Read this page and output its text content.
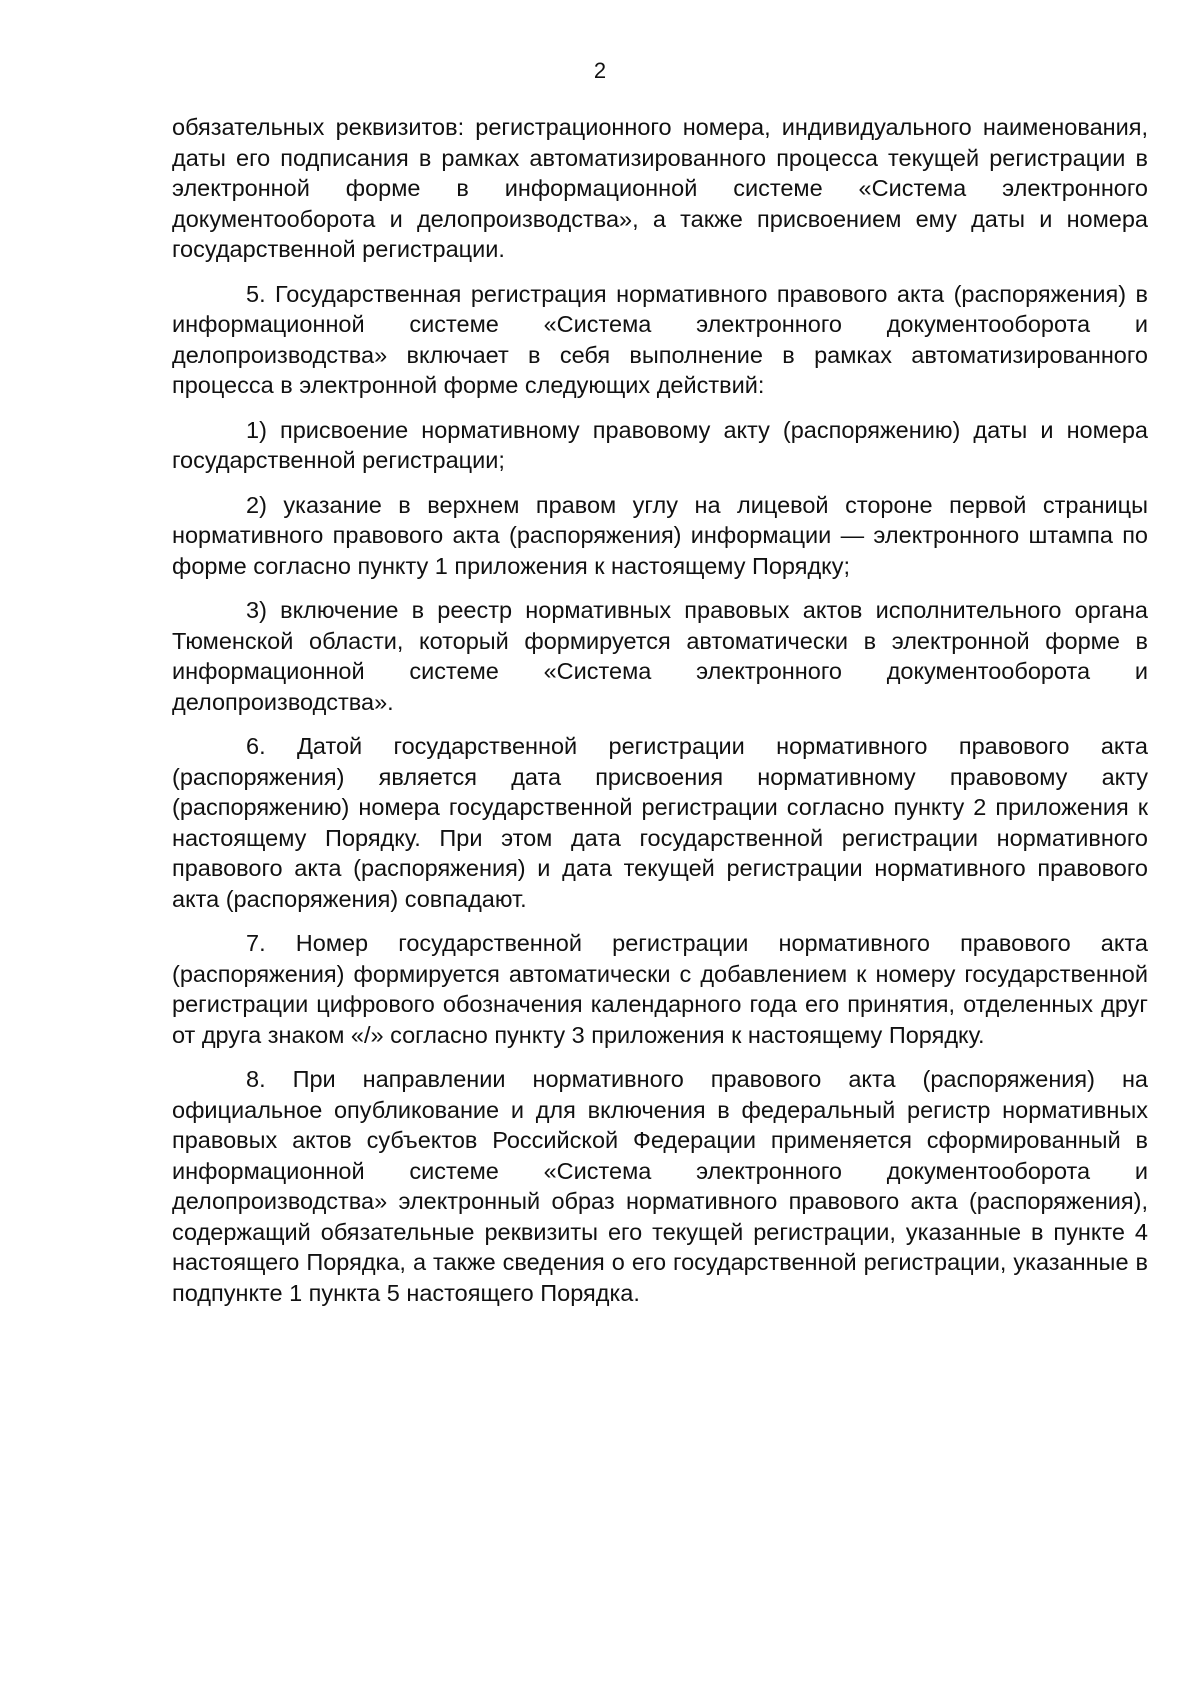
2

обязательных реквизитов: регистрационного номера, индивидуального наименования, даты его подписания в рамках автоматизированного процесса текущей регистрации в электронной форме в информационной системе «Система электронного документооборота и делопроизводства», а также присвоением ему даты и номера государственной регистрации.

5. Государственная регистрация нормативного правового акта (распоряжения) в информационной системе «Система электронного документооборота и делопроизводства» включает в себя выполнение в рамках автоматизированного процесса в электронной форме следующих действий:

1) присвоение нормативному правовому акту (распоряжению) даты и номера государственной регистрации;

2) указание в верхнем правом углу на лицевой стороне первой страницы нормативного правового акта (распоряжения) информации — электронного штампа по форме согласно пункту 1 приложения к настоящему Порядку;

3) включение в реестр нормативных правовых актов исполнительного органа Тюменской области, который формируется автоматически в электронной форме в информационной системе «Система электронного документооборота и делопроизводства».

6. Датой государственной регистрации нормативного правового акта (распоряжения) является дата присвоения нормативному правовому акту (распоряжению) номера государственной регистрации согласно пункту 2 приложения к настоящему Порядку. При этом дата государственной регистрации нормативного правового акта (распоряжения) и дата текущей регистрации нормативного правового акта (распоряжения) совпадают.

7. Номер государственной регистрации нормативного правового акта (распоряжения) формируется автоматически с добавлением к номеру государственной регистрации цифрового обозначения календарного года его принятия, отделенных друг от друга знаком «/» согласно пункту 3 приложения к настоящему Порядку.

8. При направлении нормативного правового акта (распоряжения) на официальное опубликование и для включения в федеральный регистр нормативных правовых актов субъектов Российской Федерации применяется сформированный в информационной системе «Система электронного документооборота и делопроизводства» электронный образ нормативного правового акта (распоряжения), содержащий обязательные реквизиты его текущей регистрации, указанные в пункте 4 настоящего Порядка, а также сведения о его государственной регистрации, указанные в подпункте 1 пункта 5 настоящего Порядка.
